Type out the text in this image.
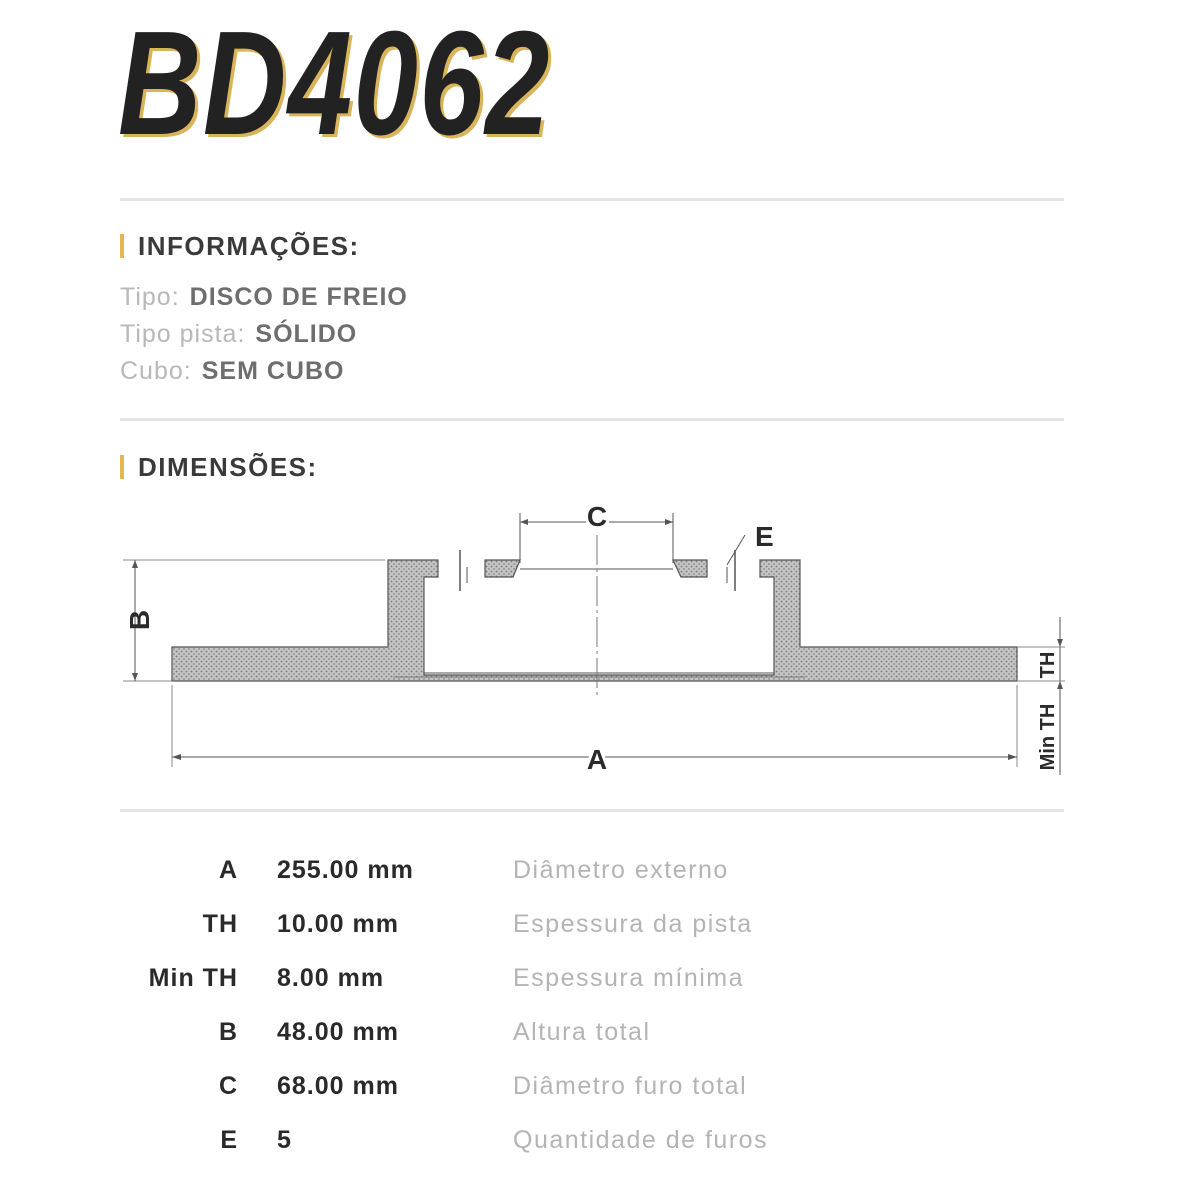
BD4062
INFORMAÇÕES:
Tipo: DISCO DE FREIO
Tipo pista: SÓLIDO
Cubo: SEM CUBO
DIMENSÕES:
C
E
B
A
TH
Min TH
A 255.00 mm	Diâmetro externo
TH 10.00 mm	Espessura da pista
Min TH 8.00 mm	Espessura mínima
B 48.00 mm	Altura total
C 68.00 mm	Diâmetro furo total
E 5	Quantidade de furos
